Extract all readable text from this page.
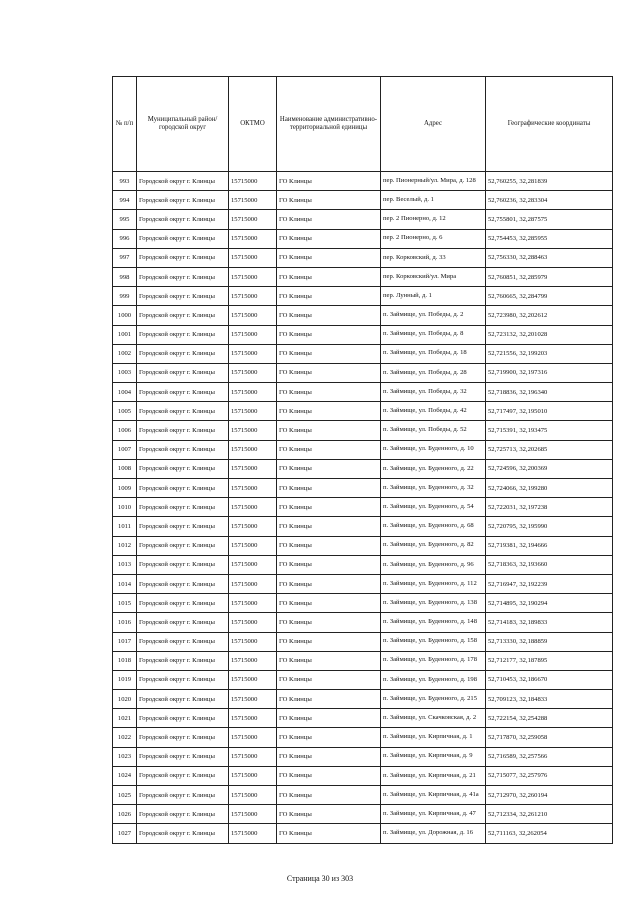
№ п/п	Муниципальный район/городской округ	ОКТМО	Наименование административно-территориальной единицы	Адрес	Географические координаты
993	Городской округ г. Клинцы	15715000	ГО Клинцы	пер. Пионерный/ул. Мира, д. 128	52,760255, 32,281839
994	Городской округ г. Клинцы	15715000	ГО Клинцы	пер. Веселый, д. 1	52,760236, 32,283304
995	Городской округ г. Клинцы	15715000	ГО Клинцы	пер. 2 Пионерно, д. 12	52,755801, 32,287575
996	Городской округ г. Клинцы	15715000	ГО Клинцы	пер. 2 Пионерно, д. 6	52,754453, 32,285955
997	Городской округ г. Клинцы	15715000	ГО Клинцы	пер. Корковский, д. 33	52,756330, 32,288463
998	Городской округ г. Клинцы	15715000	ГО Клинцы	пер. Корковский/ул. Мира	52,760851, 32,285979
999	Городской округ г. Клинцы	15715000	ГО Клинцы	пер. Лунный, д. 1	52,760665, 32,284799
1000	Городской округ г. Клинцы	15715000	ГО Клинцы	п. Займище, ул. Победы, д. 2	52,723980, 32,202612
1001	Городской округ г. Клинцы	15715000	ГО Клинцы	п. Займище, ул. Победы, д. 8	52,723132, 32,201028
1002	Городской округ г. Клинцы	15715000	ГО Клинцы	п. Займище, ул. Победы, д. 18	52,721556, 32,199203
1003	Городской округ г. Клинцы	15715000	ГО Клинцы	п. Займище, ул. Победы, д. 28	52,719900, 32,197316
1004	Городской округ г. Клинцы	15715000	ГО Клинцы	п. Займище, ул. Победы, д. 32	52,718836, 32,196340
1005	Городской округ г. Клинцы	15715000	ГО Клинцы	п. Займище, ул. Победы, д. 42	52,717497, 32,195010
1006	Городской округ г. Клинцы	15715000	ГО Клинцы	п. Займище, ул. Победы, д. 52	52,715391, 32,193475
1007	Городской округ г. Клинцы	15715000	ГО Клинцы	п. Займище, ул. Буденного, д. 10	52,725713, 32,202685
1008	Городской округ г. Клинцы	15715000	ГО Клинцы	п. Займище, ул. Буденного, д. 22	52,724596, 32,200369
1009	Городской округ г. Клинцы	15715000	ГО Клинцы	п. Займище, ул. Буденного, д. 32	52,724066, 32,199280
1010	Городской округ г. Клинцы	15715000	ГО Клинцы	п. Займище, ул. Буденного, д. 54	52,722031, 32,197238
1011	Городской округ г. Клинцы	15715000	ГО Клинцы	п. Займище, ул. Буденного, д. 68	52,720795, 32,195990
1012	Городской округ г. Клинцы	15715000	ГО Клинцы	п. Займище, ул. Буденного, д. 82	52,719381, 32,194666
1013	Городской округ г. Клинцы	15715000	ГО Клинцы	п. Займище, ул. Буденного, д. 96	52,718363, 32,193660
1014	Городской округ г. Клинцы	15715000	ГО Клинцы	п. Займище, ул. Буденного, д. 112	52,716947, 32,192239
1015	Городской округ г. Клинцы	15715000	ГО Клинцы	п. Займище, ул. Буденного, д. 138	52,714895, 32,190294
1016	Городской округ г. Клинцы	15715000	ГО Клинцы	п. Займище, ул. Буденного, д. 148	52,714183, 32,189833
1017	Городской округ г. Клинцы	15715000	ГО Клинцы	п. Займище, ул. Буденного, д. 158	52,713330, 32,188859
1018	Городской округ г. Клинцы	15715000	ГО Клинцы	п. Займище, ул. Буденного, д. 178	52,712177, 32,187895
1019	Городской округ г. Клинцы	15715000	ГО Клинцы	п. Займище, ул. Буденного, д. 198	52,710453, 32,186670
1020	Городской округ г. Клинцы	15715000	ГО Клинцы	п. Займище, ул. Буденного, д. 215	52,709123, 32,184833
1021	Городской округ г. Клинцы	15715000	ГО Клинцы	п. Займище, ул. Скачковская, д. 2	52,722154, 32,254288
1022	Городской округ г. Клинцы	15715000	ГО Клинцы	п. Займище, ул. Кирпичная, д. 1	52,717870, 32,259058
1023	Городской округ г. Клинцы	15715000	ГО Клинцы	п. Займище, ул. Кирпичная, д. 9	52,716589, 32,257566
1024	Городской округ г. Клинцы	15715000	ГО Клинцы	п. Займище, ул. Кирпичная, д. 21	52,715077, 32,257976
1025	Городской округ г. Клинцы	15715000	ГО Клинцы	п. Займище, ул. Кирпичная, д. 41а	52,712970, 32,260194
1026	Городской округ г. Клинцы	15715000	ГО Клинцы	п. Займище, ул. Кирпичная, д. 47	52,712334, 32,261210
1027	Городской округ г. Клинцы	15715000	ГО Клинцы	п. Займище, ул. Дорожная, д. 16	52,711163, 32,262054
Страница 30 из 303
